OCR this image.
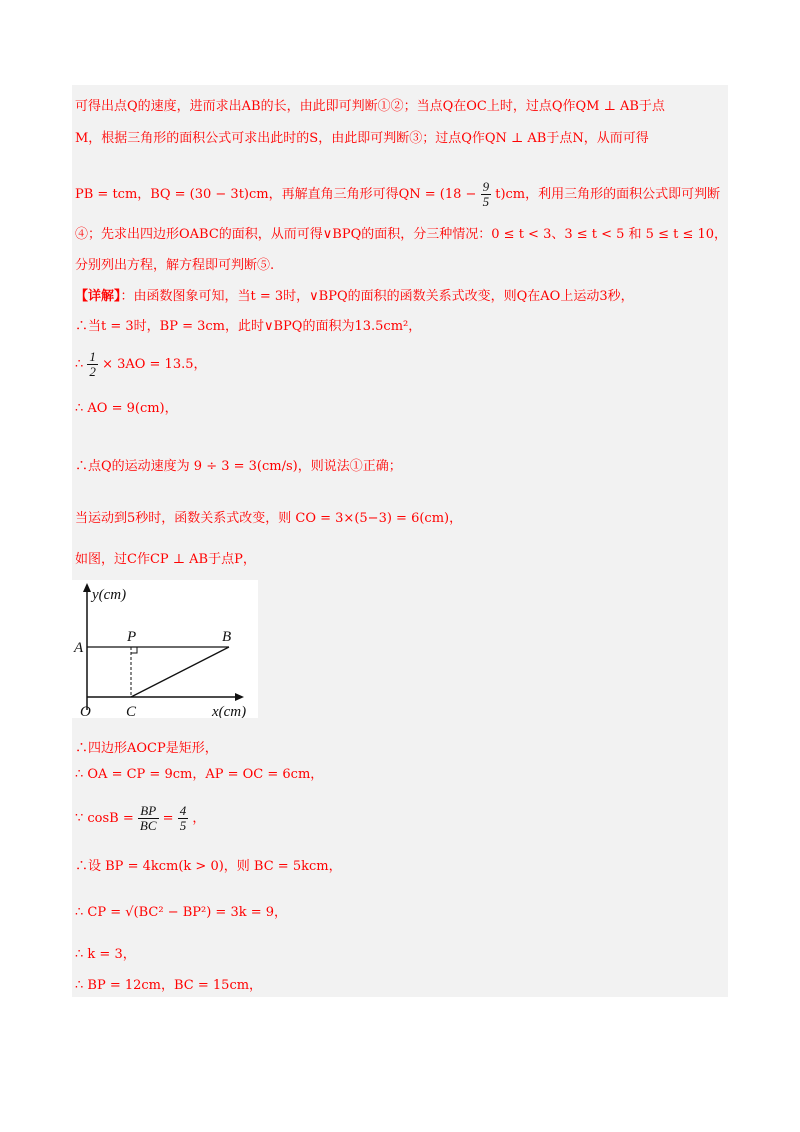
可得出点Q的速度，进而求出AB的长，由此即可判断①②；当点Q在OC上时，过点Q作QM ⊥ AB于点
M，根据三角形的面积公式可求出此时的S，由此即可判断③；过点Q作QN ⊥ AB于点N，从而可得
PB = tcm，BQ = (30 − 3t)cm，再解直角三角形可得QN = $(18 - \frac{9}{5} t)cm$，利用三角形的面积公式即可判断
④；先求出四边形OABC的面积，从而可得∨BPQ的面积，分三种情况：0 ≤ t < 3、3 ≤ t < 5 和 5 ≤ t ≤ 10，
分别列出方程，解方程即可判断⑤.
【详解】：由函数图象可知，当t = 3时，∨BPQ的面积的函数关系式改变，则Q在AO上运动3秒，
∴当t = 3时，BP = 3cm，此时∨BPQ的面积为13.5cm²，
∴ $\frac{1}{2} \times 3AO = 13.5$，
∴ AO = 9(cm)，
∴点Q的运动速度为 9 ÷ 3 = 3(cm/s)，则说法①正确；
当运动到5秒时，函数关系式改变，则 CO = 3×(5−3) = 6(cm)，
如图，过C作CP ⊥ AB于点P，
y(cm)
A
P	B
O C	x(cm)
∴四边形AOCP是矩形，
∴ OA = CP = 9cm，AP = OC = 6cm，
∵ $\cos B = \frac{BP}{BC} = \frac{4}{5}$ ，
∴设 BP = 4kcm(k > 0)，则 BC = 5kcm，
∴ CP = √(BC² − BP²) = 3k = 9，
∴ k = 3，
∴ BP = 12cm，BC = 15cm，
